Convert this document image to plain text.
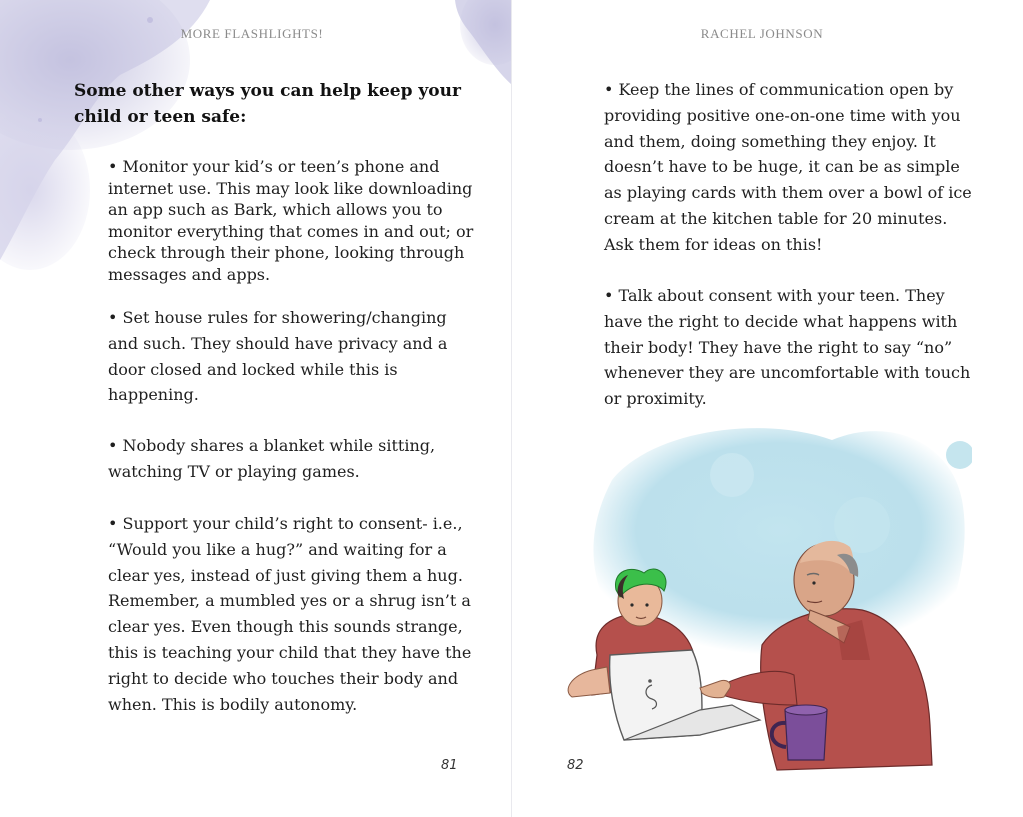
MORE FLASHLIGHTS!
Some other ways you can help keep your child or teen safe:
• Monitor your kid’s or teen’s phone and internet use. This may look like downloading an app such as Bark, which allows you to monitor everything that comes in and out; or check through their phone, looking through messages and apps.
• Set house rules for showering/changing and such. They should have privacy and a door closed and locked while this is happening.
• Nobody shares a blanket while sitting, watching TV or playing games.
• Support your child’s right to consent- i.e., “Would you like a hug?” and waiting for a clear yes, instead of just giving them a hug. Remember, a mumbled yes or a shrug isn’t a clear yes. Even though this sounds strange, this is teaching your child that they have the right to decide who touches their body and when. This is bodily autonomy.
81
RACHEL JOHNSON
• Keep the lines of communication open by providing positive one-on-one time with you and them, doing something they enjoy. It doesn’t have to be huge, it can be as simple as playing cards with them over a bowl of ice cream at the kitchen table for 20 minutes. Ask them for ideas on this!
• Talk about consent with your teen. They have the right to decide what happens with their body! They have the right to say “no” whenever they are uncomfortable with touch or proximity.
82
